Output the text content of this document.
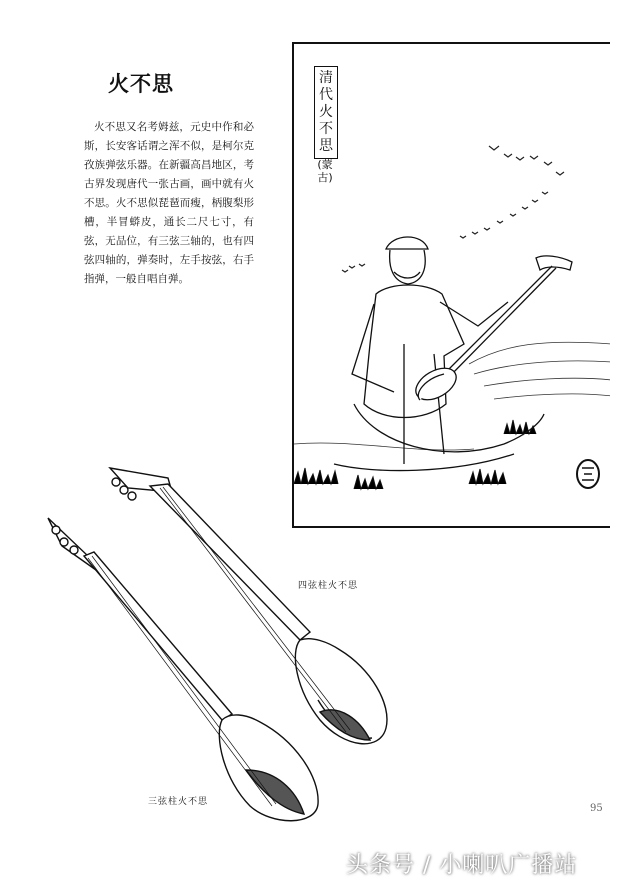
火不思
火不思又名考姆兹，元史中作和必斯，长安客话谓之浑不似，是柯尔克孜族弹弦乐器。在新疆高昌地区，考古界发现唐代一张古画，画中就有火不思。火不思似琵琶而瘦，柄腹梨形槽，半冒蟒皮，通长二尺七寸，有弦，无品位，有三弦三轴的，也有四弦四轴的，弹奏时，左手按弦，右手指弹，一般自唱自弹。
清代火不思
(蒙古)
四弦柱火不思
三弦柱火不思
95
头条号 / 小喇叭广播站
